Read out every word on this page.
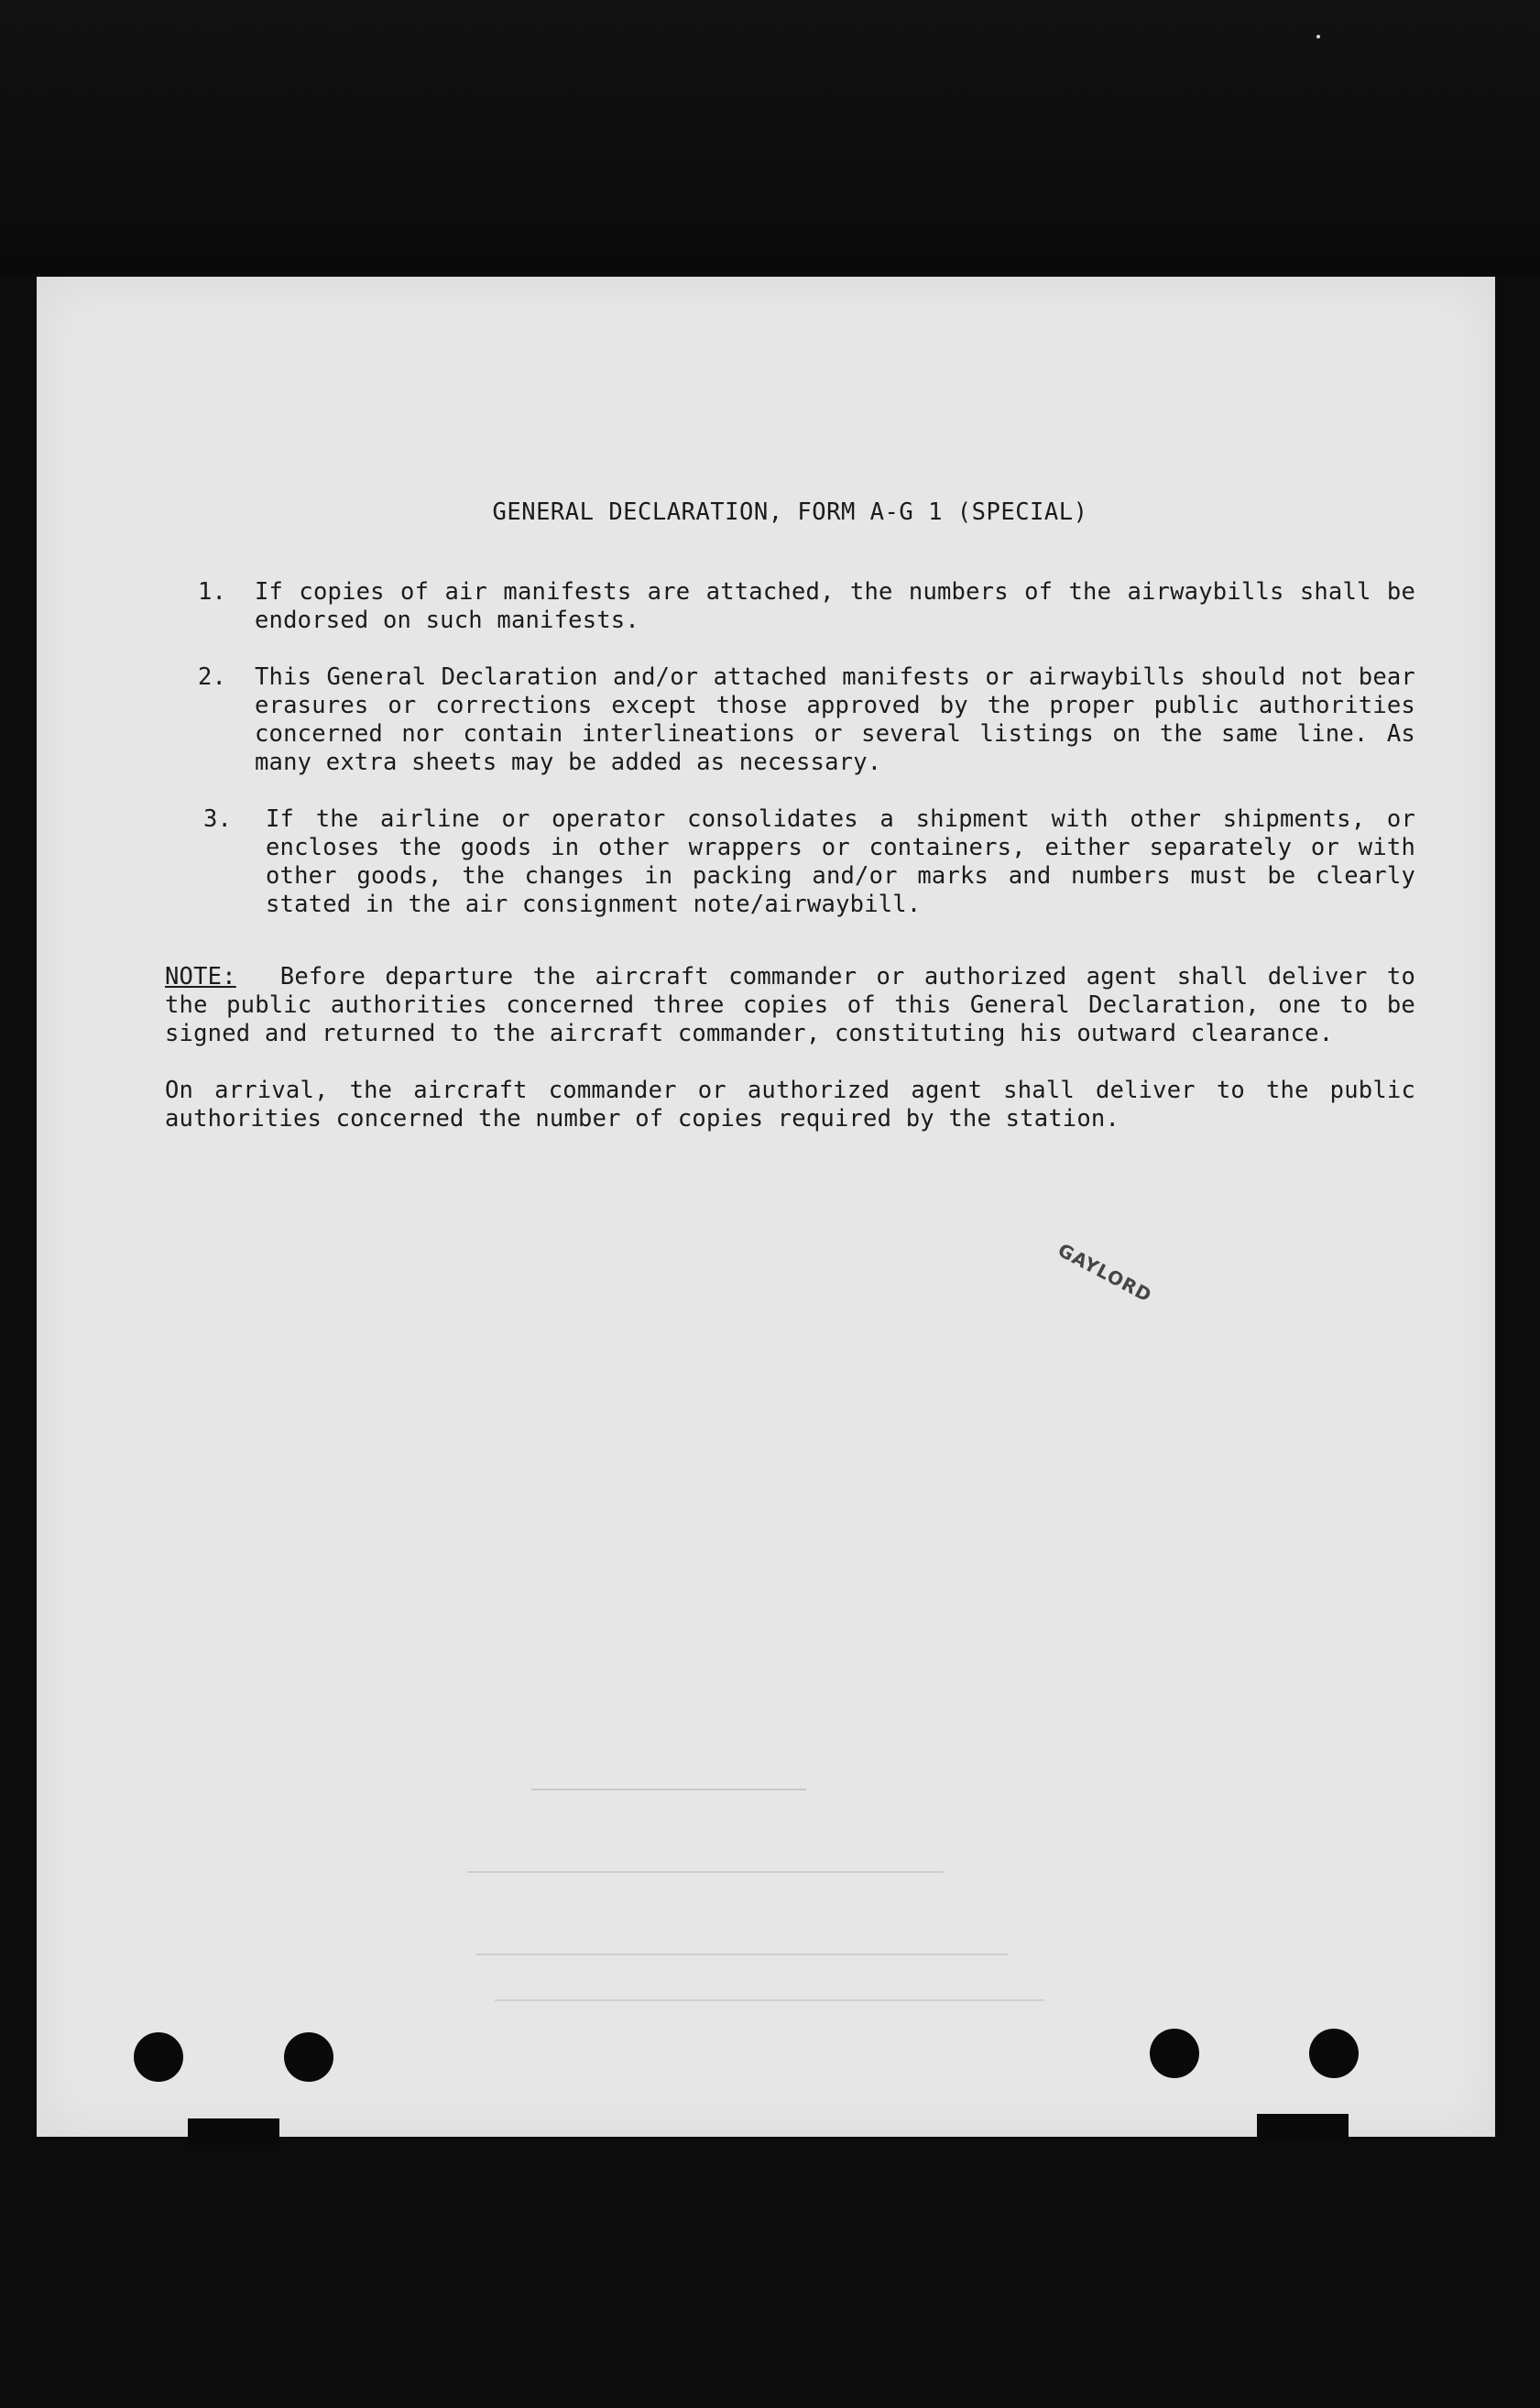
GENERAL DECLARATION, FORM A-G 1 (SPECIAL)
1.	If copies of air manifests are attached, the numbers of the airwaybills shall be endorsed on such manifests.
2.	This General Declaration and/or attached manifests or airwaybills should not bear erasures or corrections except those approved by the proper public authorities concerned nor contain interlineations or several listings on the same line. As many extra sheets may be added as necessary.
3.	If the airline or operator consolidates a shipment with other shipments, or encloses the goods in other wrappers or containers, either separately or with other goods, the changes in packing and/or marks and numbers must be clearly stated in the air consignment note/airwaybill.
NOTE: Before departure the aircraft commander or authorized agent shall deliver to the public authorities concerned three copies of this General Declaration, one to be signed and returned to the aircraft commander, constituting his outward clearance.
On arrival, the aircraft commander or authorized agent shall deliver to the public authorities concerned the number of copies required by the station.
GAYLORD
